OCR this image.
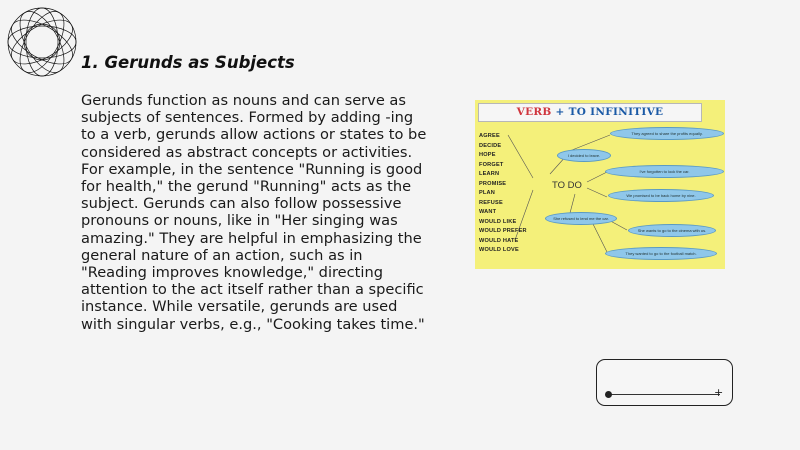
1. Gerunds as Subjects

Gerunds function as nouns and can serve as subjects of sentences. Formed by adding -ing to a verb, gerunds allow actions or states to be considered as abstract concepts or activities. For example, in the sentence "Running is good for health," the gerund "Running" acts as the subject. Gerunds can also follow possessive pronouns or nouns, like in "Her singing was amazing." They are helpful in emphasizing the general nature of an action, such as in "Reading improves knowledge," directing attention to the act itself rather than a specific instance. While versatile, gerunds are used with singular verbs, e.g., "Cooking takes time."

VERB + TO INFINITIVE
AGREE
DECIDE
HOPE
FORGET
LEARN
PROMISE
PLAN
REFUSE
WANT
WOULD LIKE
WOULD PREFER
WOULD HATE
WOULD LOVE
TO DO
They agreed to share the profits equally.
I decided to leave.
I've forgotten to lock the car.
We promised to be back home by nine.
She refused to lend me the car.
She wants to go to the cinema with us.
They wanted to go to the football match.
+
